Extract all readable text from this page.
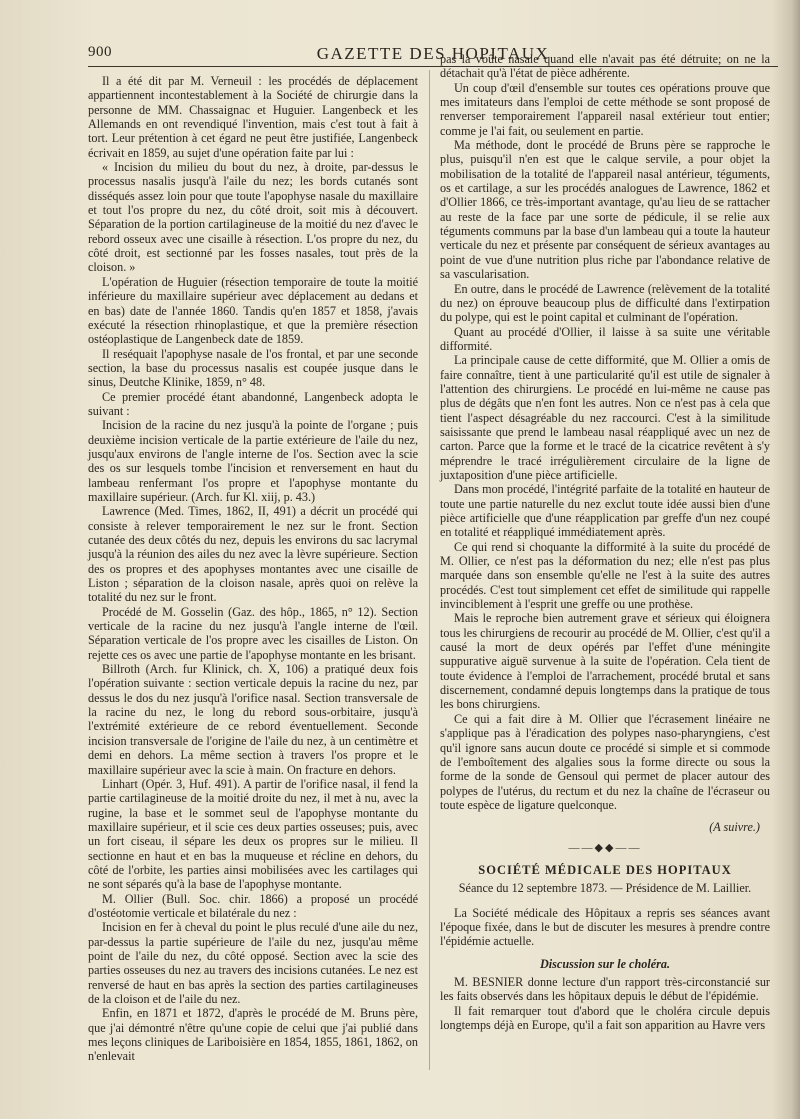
900	GAZETTE DES HOPITAUX

Il a été dit par M. Verneuil : les procédés de déplacement appartiennent incontestablement à la Société de chirurgie dans la personne de MM. Chassaignac et Huguier. Langenbeck et les Allemands en ont revendiqué l'invention, mais c'est tout à fait à tort. Leur prétention à cet égard ne peut être justifiée, Langenbeck écrivait en 1859, au sujet d'une opération faite par lui :

« Incision du milieu du bout du nez, à droite, par-dessus le processus nasalis jusqu'à l'aile du nez; les bords cutanés sont disséqués assez loin pour que toute l'apophyse nasale du maxillaire et tout l'os propre du nez, du côté droit, soit mis à découvert. Séparation de la portion cartilagineuse de la moitié du nez d'avec le rebord osseux avec une cisaille à résection. L'os propre du nez, du côté droit, est sectionné par les fosses nasales, tout près de la cloison. »

L'opération de Huguier (résection temporaire de toute la moitié inférieure du maxillaire supérieur avec déplacement au dedans et en bas) date de l'année 1860. Tandis qu'en 1857 et 1858, j'avais exécuté la résection rhinoplastique, et que la première résection ostéoplastique de Langenbeck date de 1859.

Il reséquait l'apophyse nasale de l'os frontal, et par une seconde section, la base du processus nasalis est coupée jusque dans le sinus, Deutche Klinike, 1859, n° 48.

Ce premier procédé étant abandonné, Langenbeck adopta le suivant :

Incision de la racine du nez jusqu'à la pointe de l'organe ; puis deuxième incision verticale de la partie extérieure de l'aile du nez, jusqu'aux environs de l'angle interne de l'os. Section avec la scie des os sur lesquels tombe l'incision et renversement en haut du lambeau renfermant l'os propre et l'apophyse montante du maxillaire supérieur. (Arch. fur Kl. xiij, p. 43.)

Lawrence (Med. Times, 1862, II, 491) a décrit un procédé qui consiste à relever temporairement le nez sur le front. Section cutanée des deux côtés du nez, depuis les environs du sac lacrymal jusqu'à la réunion des ailes du nez avec la lèvre supérieure. Section des os propres et des apophyses montantes avec une cisaille de Liston ; séparation de la cloison nasale, après quoi on relève la totalité du nez sur le front.

Procédé de M. Gosselin (Gaz. des hôp., 1865, n° 12). Section verticale de la racine du nez jusqu'à l'angle interne de l'œil. Séparation verticale de l'os propre avec les cisailles de Liston. On rejette ces os avec une partie de l'apophyse montante en les brisant.

Billroth (Arch. fur Klinick, ch. X, 106) a pratiqué deux fois l'opération suivante : section verticale depuis la racine du nez, par dessus le dos du nez jusqu'à l'orifice nasal. Section transversale de la racine du nez, le long du rebord sous-orbitaire, jusqu'à l'extrémité extérieure de ce rebord éventuellement. Seconde incision transversale de l'origine de l'aile du nez, à un centimètre et demi en dehors. La même section à travers l'os propre et le maxillaire supérieur avec la scie à main. On fracture en dehors.

Linhart (Opér. 3, Huf. 491). A partir de l'orifice nasal, il fend la partie cartilagineuse de la moitié droite du nez, il met à nu, avec la rugine, la base et le sommet seul de l'apophyse montante du maxillaire supérieur, et il scie ces deux parties osseuses; puis, avec un fort ciseau, il sépare les deux os propres sur le milieu. Il sectionne en haut et en bas la muqueuse et récline en dehors, du côté de l'orbite, les parties ainsi mobilisées avec les cartilages qui ne sont séparés qu'à la base de l'apophyse montante.

M. Ollier (Bull. Soc. chir. 1866) a proposé un procédé d'ostéotomie verticale et bilatérale du nez :

Incision en fer à cheval du point le plus reculé d'une aile du nez, par-dessus la partie supérieure de l'aile du nez, jusqu'au même point de l'aile du nez, du côté opposé. Section avec la scie des parties osseuses du nez au travers des incisions cutanées. Le nez est renversé de haut en bas après la section des parties cartilagineuses de la cloison et de l'aile du nez.

Enfin, en 1871 et 1872, d'après le procédé de M. Bruns père, que j'ai démontré n'être qu'une copie de celui que j'ai publié dans mes leçons cliniques de Lariboisière en 1854, 1855, 1861, 1862, on n'enlevait

pas la voûte nasale quand elle n'avait pas été détruite; on ne la détachait qu'à l'état de pièce adhérente.

Un coup d'œil d'ensemble sur toutes ces opérations prouve que mes imitateurs dans l'emploi de cette méthode se sont proposé de renverser temporairement l'appareil nasal extérieur tout entier; comme je l'ai fait, ou seulement en partie.

Ma méthode, dont le procédé de Bruns père se rapproche le plus, puisqu'il n'en est que le calque servile, a pour objet la mobilisation de la totalité de l'appareil nasal antérieur, téguments, os et cartilage, a sur les procédés analogues de Lawrence, 1862 et d'Ollier 1866, ce très-important avantage, qu'au lieu de se rattacher au reste de la face par une sorte de pédicule, il se relie aux téguments communs par la base d'un lambeau qui a toute la hauteur verticale du nez et présente par conséquent de sérieux avantages au point de vue d'une nutrition plus riche par l'abondance relative de sa vascularisation.

En outre, dans le procédé de Lawrence (relèvement de la totalité du nez) on éprouve beaucoup plus de difficulté dans l'extirpation du polype, qui est le point capital et culminant de l'opération.

Quant au procédé d'Ollier, il laisse à sa suite une véritable difformité.

La principale cause de cette difformité, que M. Ollier a omis de faire connaître, tient à une particularité qu'il est utile de signaler à l'attention des chirurgiens. Le procédé en lui-même ne cause pas plus de dégâts que n'en font les autres. Non ce n'est pas à cela que tient l'aspect désagréable du nez raccourci. C'est à la similitude saisissante que prend le lambeau nasal réappliqué avec un nez de carton. Parce que la forme et le tracé de la cicatrice revêtent à s'y méprendre le tracé irrégulièrement circulaire de la ligne de juxtaposition d'une pièce artificielle.

Dans mon procédé, l'intégrité parfaite de la totalité en hauteur de toute une partie naturelle du nez exclut toute idée aussi bien d'une pièce artificielle que d'une réapplication par greffe d'un nez coupé en totalité et réappliqué immédiatement après.

Ce qui rend si choquante la difformité à la suite du procédé de M. Ollier, ce n'est pas la déformation du nez; elle n'est pas plus marquée dans son ensemble qu'elle ne l'est à la suite des autres procédés. C'est tout simplement cet effet de similitude qui rappelle invinciblement à l'esprit une greffe ou une prothèse.

Mais le reproche bien autrement grave et sérieux qui éloignera tous les chirurgiens de recourir au procédé de M. Ollier, c'est qu'il a causé la mort de deux opérés par l'effet d'une méningite suppurative aiguë survenue à la suite de l'opération. Cela tient de toute évidence à l'emploi de l'arrachement, procédé brutal et sans discernement, condamné depuis longtemps dans la pratique de tous les bons chirurgiens.

Ce qui a fait dire à M. Ollier que l'écrasement linéaire ne s'applique pas à l'éradication des polypes naso-pharyngiens, c'est qu'il ignore sans aucun doute ce procédé si simple et si commode de l'emboîtement des algalies sous la forme directe ou sous la forme de la sonde de Gensoul qui permet de placer autour des polypes de l'utérus, du rectum et du nez la chaîne de l'écraseur ou toute espèce de ligature quelconque.

(A suivre.)

——◆◆——

SOCIÉTÉ MÉDICALE DES HOPITAUX

Séance du 12 septembre 1873. — Présidence de M. Laillier.

La Société médicale des Hôpitaux a repris ses séances avant l'époque fixée, dans le but de discuter les mesures à prendre contre l'épidémie actuelle.

Discussion sur le choléra.

M. BESNIER donne lecture d'un rapport très-circonstancié sur les faits observés dans les hôpitaux depuis le début de l'épidémie.

Il fait remarquer tout d'abord que le choléra circule depuis longtemps déjà en Europe, qu'il a fait son apparition au Havre vers
